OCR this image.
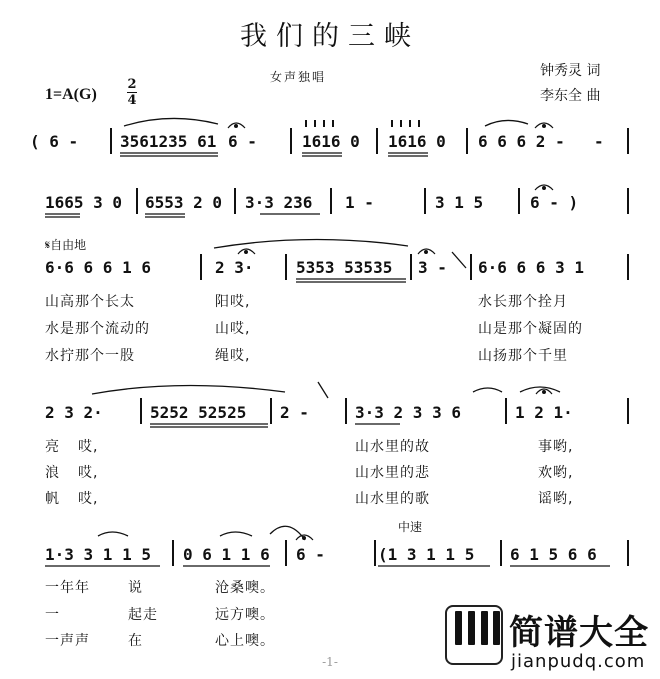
我们的三峡
女声独唱	钟秀灵 词
李东全 曲
1=A(G)
2
4
( 6 -	3561235 61 6 -	1616 0 1616 0 6 6 6 2 - -
1665 3 0 6553 2 0 3·3 236 1 -	3 1 5	6 - )
𝄋自由地
6·6 6 6 1 6	2 3·	5353 53535 3 - 6·6 6 6 3 1
山高那个长太	阳哎,	水长那个拴月
水是那个流动的	山哎,	山是那个凝固的
水拧那个一股	绳哎,	山扬那个千里
2 3 2·	5252 52525 2 -	3·3 2 3 3 6	1 2 1·
亮 哎,	山水里的故	事哟,
浪 哎,	山水里的悲	欢哟,
帆 哎,	山水里的歌	谣哟,
中速
1·3 3 1 1 5 0 6 1 1 6 6 -	(1 3 1 1 5 6 1 5 6 6
一年年	说	沧桑噢。
一	起走	远方噢。
一声声	在	心上噢。
-1-
简谱大全
jianpudq.com
